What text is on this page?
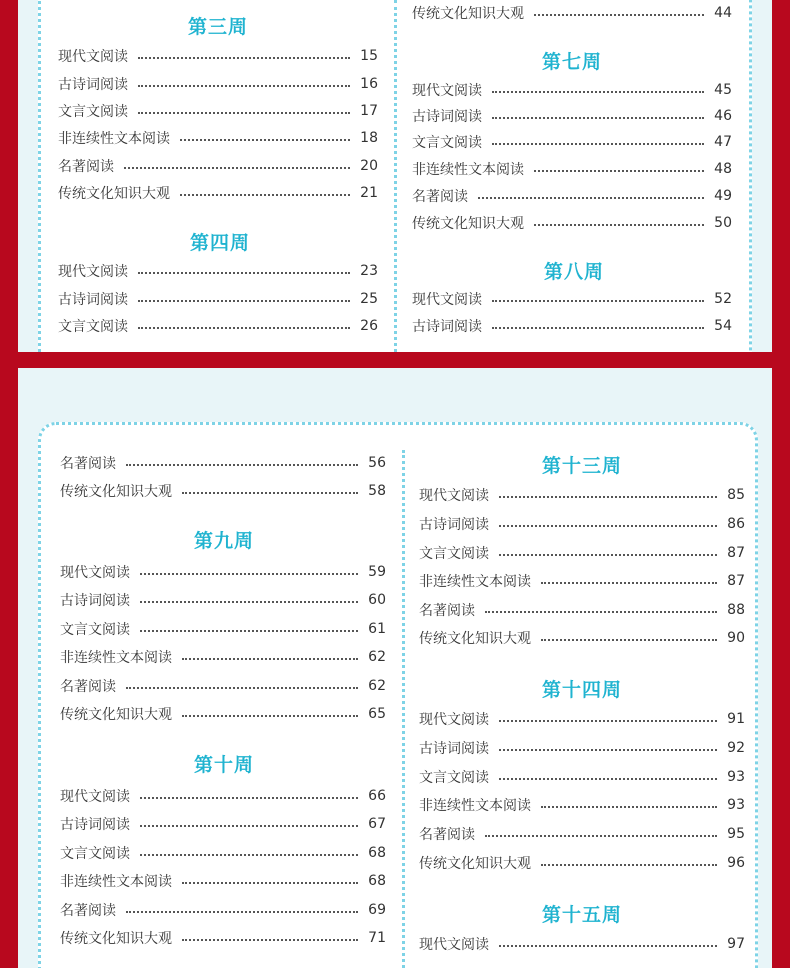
第三周
现代文阅读	15
古诗词阅读	16
文言文阅读	17
非连续性文本阅读	18
名著阅读	20
传统文化知识大观	21
第四周
现代文阅读	23
古诗词阅读	25
文言文阅读	26
传统文化知识大观	44
第七周
现代文阅读	45
古诗词阅读	46
文言文阅读	47
非连续性文本阅读	48
名著阅读	49
传统文化知识大观	50
第八周
现代文阅读	52
古诗词阅读	54
名著阅读	56
传统文化知识大观	58
第九周
现代文阅读	59
古诗词阅读	60
文言文阅读	61
非连续性文本阅读	62
名著阅读	62
传统文化知识大观	65
第十周
现代文阅读	66
古诗词阅读	67
文言文阅读	68
非连续性文本阅读	68
名著阅读	69
传统文化知识大观	71
第十三周
现代文阅读	85
古诗词阅读	86
文言文阅读	87
非连续性文本阅读	87
名著阅读	88
传统文化知识大观	90
第十四周
现代文阅读	91
古诗词阅读	92
文言文阅读	93
非连续性文本阅读	93
名著阅读	95
传统文化知识大观	96
第十五周
现代文阅读	97
